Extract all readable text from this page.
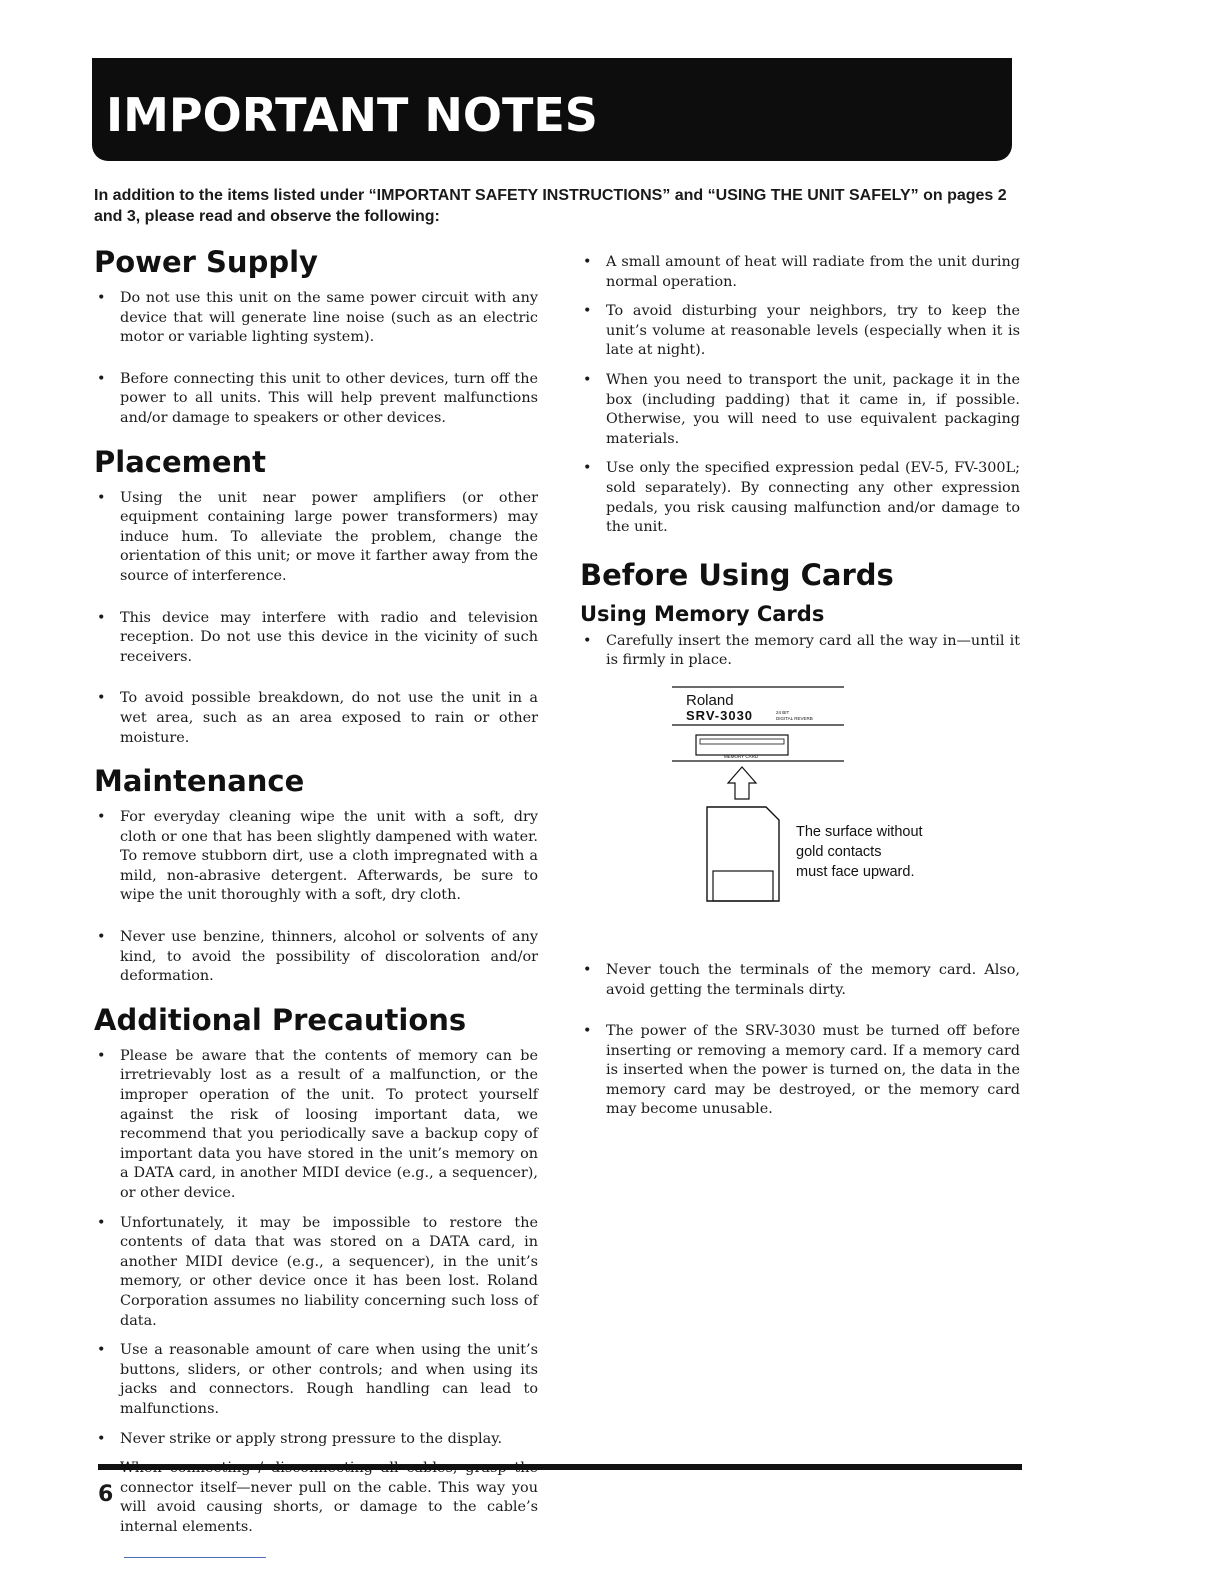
IMPORTANT NOTES

In addition to the items listed under “IMPORTANT SAFETY INSTRUCTIONS” and “USING THE UNIT SAFELY” on pages 2 and 3, please read and observe the following:

Power Supply
• Do not use this unit on the same power circuit with any device that will generate line noise (such as an electric motor or variable lighting system).
• Before connecting this unit to other devices, turn off the power to all units. This will help prevent malfunctions and/or damage to speakers or other devices.
Placement
• Using the unit near power amplifiers (or other equipment containing large power transformers) may induce hum. To alleviate the problem, change the orientation of this unit; or move it farther away from the source of interference.
• This device may interfere with radio and television reception. Do not use this device in the vicinity of such receivers.
• To avoid possible breakdown, do not use the unit in a wet area, such as an area exposed to rain or other moisture.
Maintenance
• For everyday cleaning wipe the unit with a soft, dry cloth or one that has been slightly dampened with water. To remove stubborn dirt, use a cloth impregnated with a mild, non-abrasive detergent. Afterwards, be sure to wipe the unit thoroughly with a soft, dry cloth.
• Never use benzine, thinners, alcohol or solvents of any kind, to avoid the possibility of discoloration and/or deformation.
Additional Precautions
• Please be aware that the contents of memory can be irretrievably lost as a result of a malfunction, or the improper operation of the unit. To protect yourself against the risk of loosing important data, we recommend that you periodically save a backup copy of important data you have stored in the unit’s memory on a DATA card, in another MIDI device (e.g., a sequencer), or other device.
• Unfortunately, it may be impossible to restore the contents of data that was stored on a DATA card, in another MIDI device (e.g., a sequencer), in the unit’s memory, or other device once it has been lost. Roland Corporation assumes no liability concerning such loss of data.
• Use a reasonable amount of care when using the unit’s buttons, sliders, or other controls; and when using its jacks and connectors. Rough handling can lead to malfunctions.
• Never strike or apply strong pressure to the display.
• connector itself—never pull on the cable. This way you will avoid causing shorts, or damage to the cable’s internal elements.
• A small amount of heat will radiate from the unit during normal operation.
• To avoid disturbing your neighbors, try to keep the unit’s volume at reasonable levels (especially when it is late at night).
• When you need to transport the unit, package it in the box (including padding) that it came in, if possible. Otherwise, you will need to use equivalent packaging materials.
• Use only the specified expression pedal (EV-5, FV-300L; sold separately). By connecting any other expression pedals, you risk causing malfunction and/or damage to the unit.
Before Using Cards
Using Memory Cards
• Carefully insert the memory card all the way in—until it is firmly in place.
Roland
SRV-3030	24 BIT
DIGITAL REVERB
MEMORY CARD
The surface without
gold contacts
must face upward.
• Never touch the terminals of the memory card. Also, avoid getting the terminals dirty.
• The power of the SRV-3030 must be turned off before inserting or removing a memory card. If a memory card is inserted when the power is turned on, the data in the memory card may be destroyed, or the memory card may become unusable.

6
